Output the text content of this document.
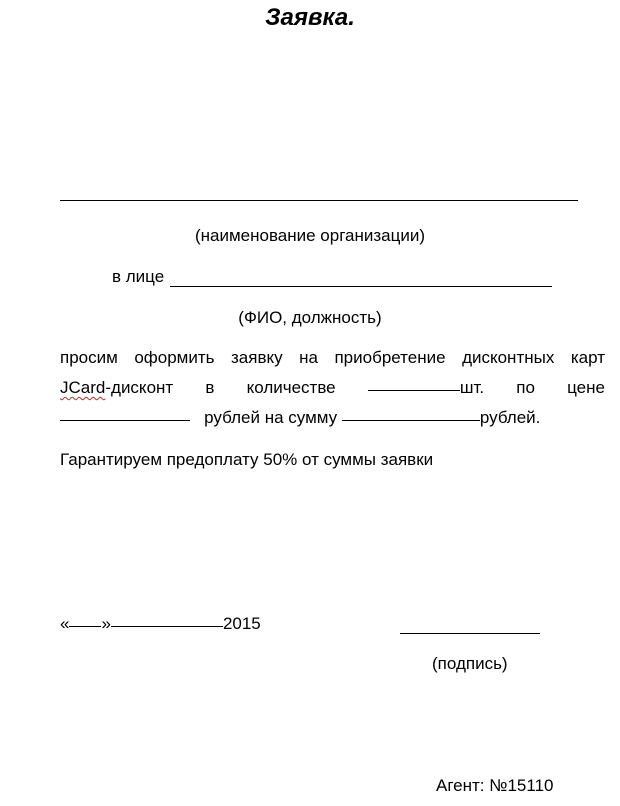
Заявка.
(наименование организации)
в лице
(ФИО, должность)
просим оформить заявку на приобретение дисконтных карт
JCard-дисконт в количестве	шт. по цене
рублей на сумму	рублей.
Гарантируем предоплату 50% от суммы заявки
« »	2015
(подпись)
Агент: №15110
